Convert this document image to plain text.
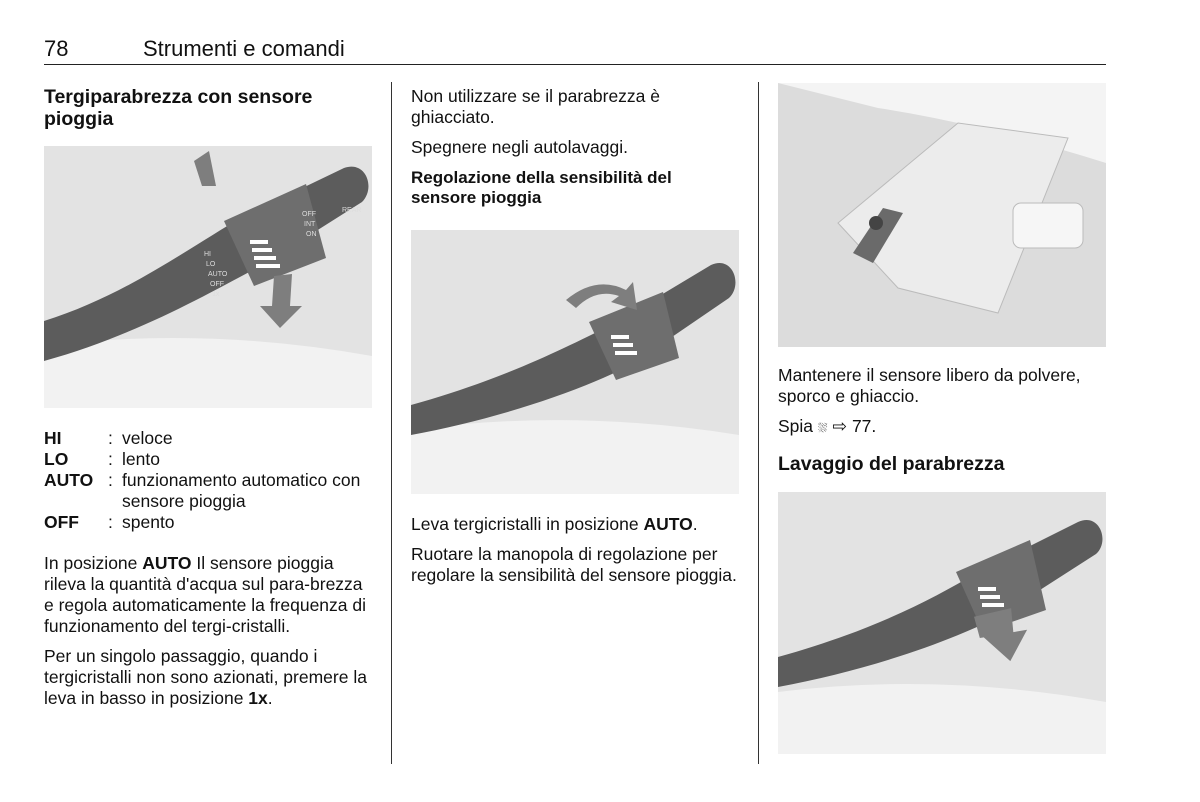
78	Strumenti e comandi
Tergiparabrezza con sensore pioggia
OFF
INT
ON
REAR
HI
LO
AUTO
OFF
1x
HI	:	veloce
LO	:	lento
AUTO	:	funzionamento automatico con sensore pioggia
OFF	:	spento

In posizione AUTO Il sensore pioggia rileva la quantità d'acqua sul para-brezza e regola automaticamente la frequenza di funzionamento del tergi-cristalli.

Per un singolo passaggio, quando i tergicristalli non sono azionati, premere la leva in basso in posizione 1x.

Non utilizzare se il parabrezza è ghiacciato.

Spegnere negli autolavaggi.

Regolazione della sensibilità del sensore pioggia

Leva tergicristalli in posizione AUTO.

Ruotare la manopola di regolazione per regolare la sensibilità del sensore pioggia.

Mantenere il sensore libero da polvere, sporco e ghiaccio.

Spia ⛆ ⇨ 77.

Lavaggio del parabrezza
